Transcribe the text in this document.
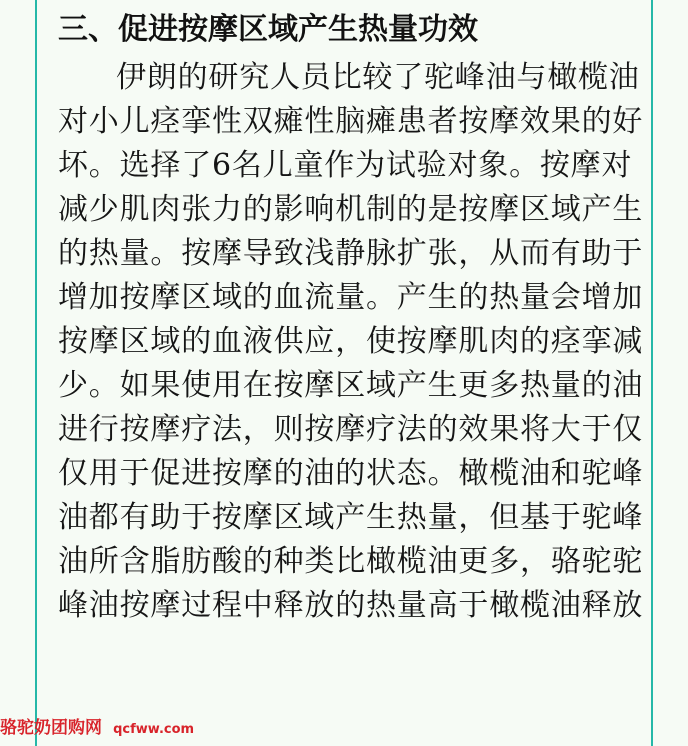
三、促进按摩区域产生热量功效
伊朗的研究人员比较了驼峰油与橄榄油
对小儿痉挛性双瘫性脑瘫患者按摩效果的好
坏。选择了6名儿童作为试验对象。按摩对
减少肌肉张力的影响机制的是按摩区域产生
的热量。按摩导致浅静脉扩张，从而有助于
增加按摩区域的血流量。产生的热量会增加
按摩区域的血液供应，使按摩肌肉的痉挛减
少。如果使用在按摩区域产生更多热量的油
进行按摩疗法，则按摩疗法的效果将大于仅
仅用于促进按摩的油的状态。橄榄油和驼峰
油都有助于按摩区域产生热量，但基于驼峰
油所含脂肪酸的种类比橄榄油更多，骆驼驼
峰油按摩过程中释放的热量高于橄榄油释放
骆驼奶团购网 qcfww.com
